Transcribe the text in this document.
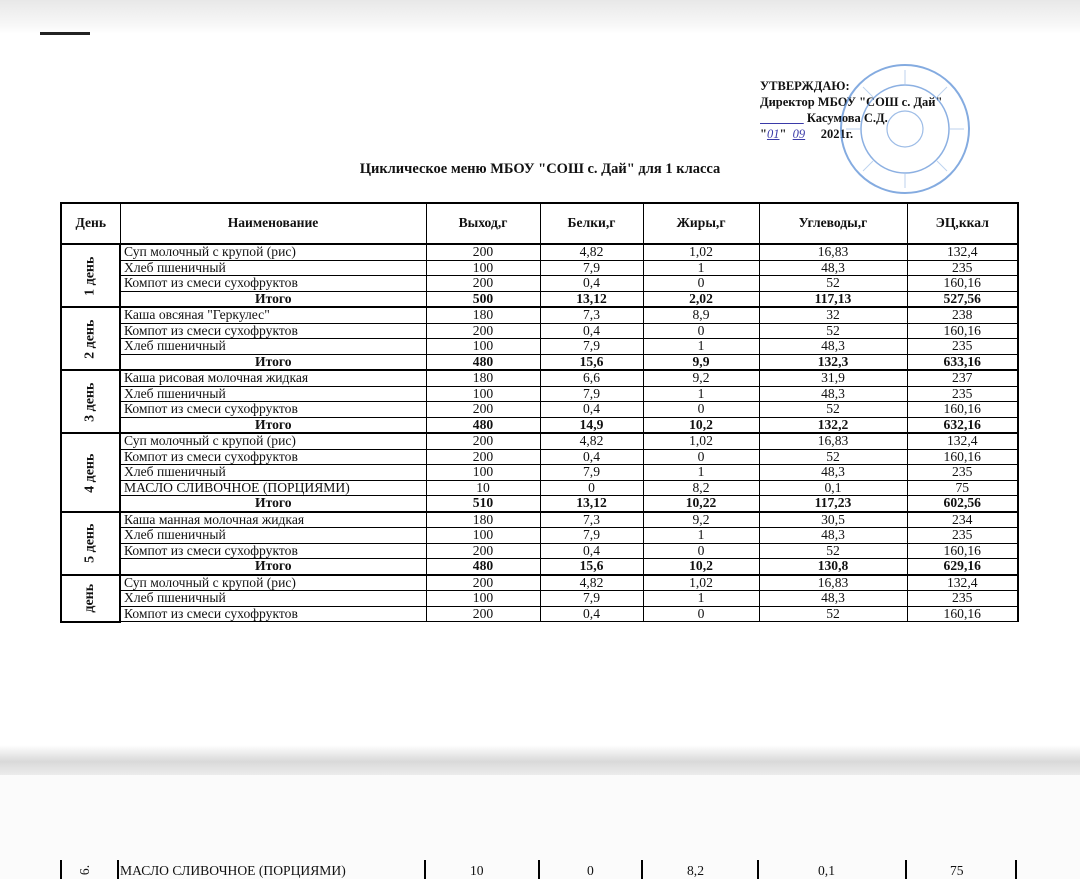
УТВЕРЖДАЮ:
Директор МБОУ "СОШ с. Дай"
Касумова С.Д.
"01" 09 2021г.
Циклическое меню МБОУ "СОШ с. Дай" для 1 класса
День	Наименование	Выход,г	Белки,г	Жиры,г	Углеводы,г	ЭЦ,ккал
1 день	Суп молочный с крупой (рис)	200	4,82	1,02	16,83	132,4
	Хлеб пшеничный	100	7,9	1	48,3	235
	Компот из смеси сухофруктов	200	0,4	0	52	160,16
	Итого	500	13,12	2,02	117,13	527,56
2 день	Каша овсяная "Геркулес"	180	7,3	8,9	32	238
	Компот из смеси сухофруктов	200	0,4	0	52	160,16
	Хлеб пшеничный	100	7,9	1	48,3	235
	Итого	480	15,6	9,9	132,3	633,16
3 день	Каша рисовая молочная жидкая	180	6,6	9,2	31,9	237
	Хлеб пшеничный	100	7,9	1	48,3	235
	Компот из смеси сухофруктов	200	0,4	0	52	160,16
	Итого	480	14,9	10,2	132,2	632,16
4 день	Суп молочный с крупой (рис)	200	4,82	1,02	16,83	132,4
	Компот из смеси сухофруктов	200	0,4	0	52	160,16
	Хлеб пшеничный	100	7,9	1	48,3	235
	МАСЛО СЛИВОЧНОЕ (ПОРЦИЯМИ)	10	0	8,2	0,1	75
	Итого	510	13,12	10,22	117,23	602,56
5 день	Каша манная молочная жидкая	180	7,3	9,2	30,5	234
	Хлеб пшеничный	100	7,9	1	48,3	235
	Компот из смеси сухофруктов	200	0,4	0	52	160,16
	Итого	480	15,6	10,2	130,8	629,16
день	Суп молочный с крупой (рис)	200	4,82	1,02	16,83	132,4
	Хлеб пшеничный	100	7,9	1	48,3	235
	Компот из смеси сухофруктов	200	0,4	0	52	160,16
6. МАСЛО СЛИВОЧНОЕ (ПОРЦИЯМИ)	10	0	8,2	0,1	75
